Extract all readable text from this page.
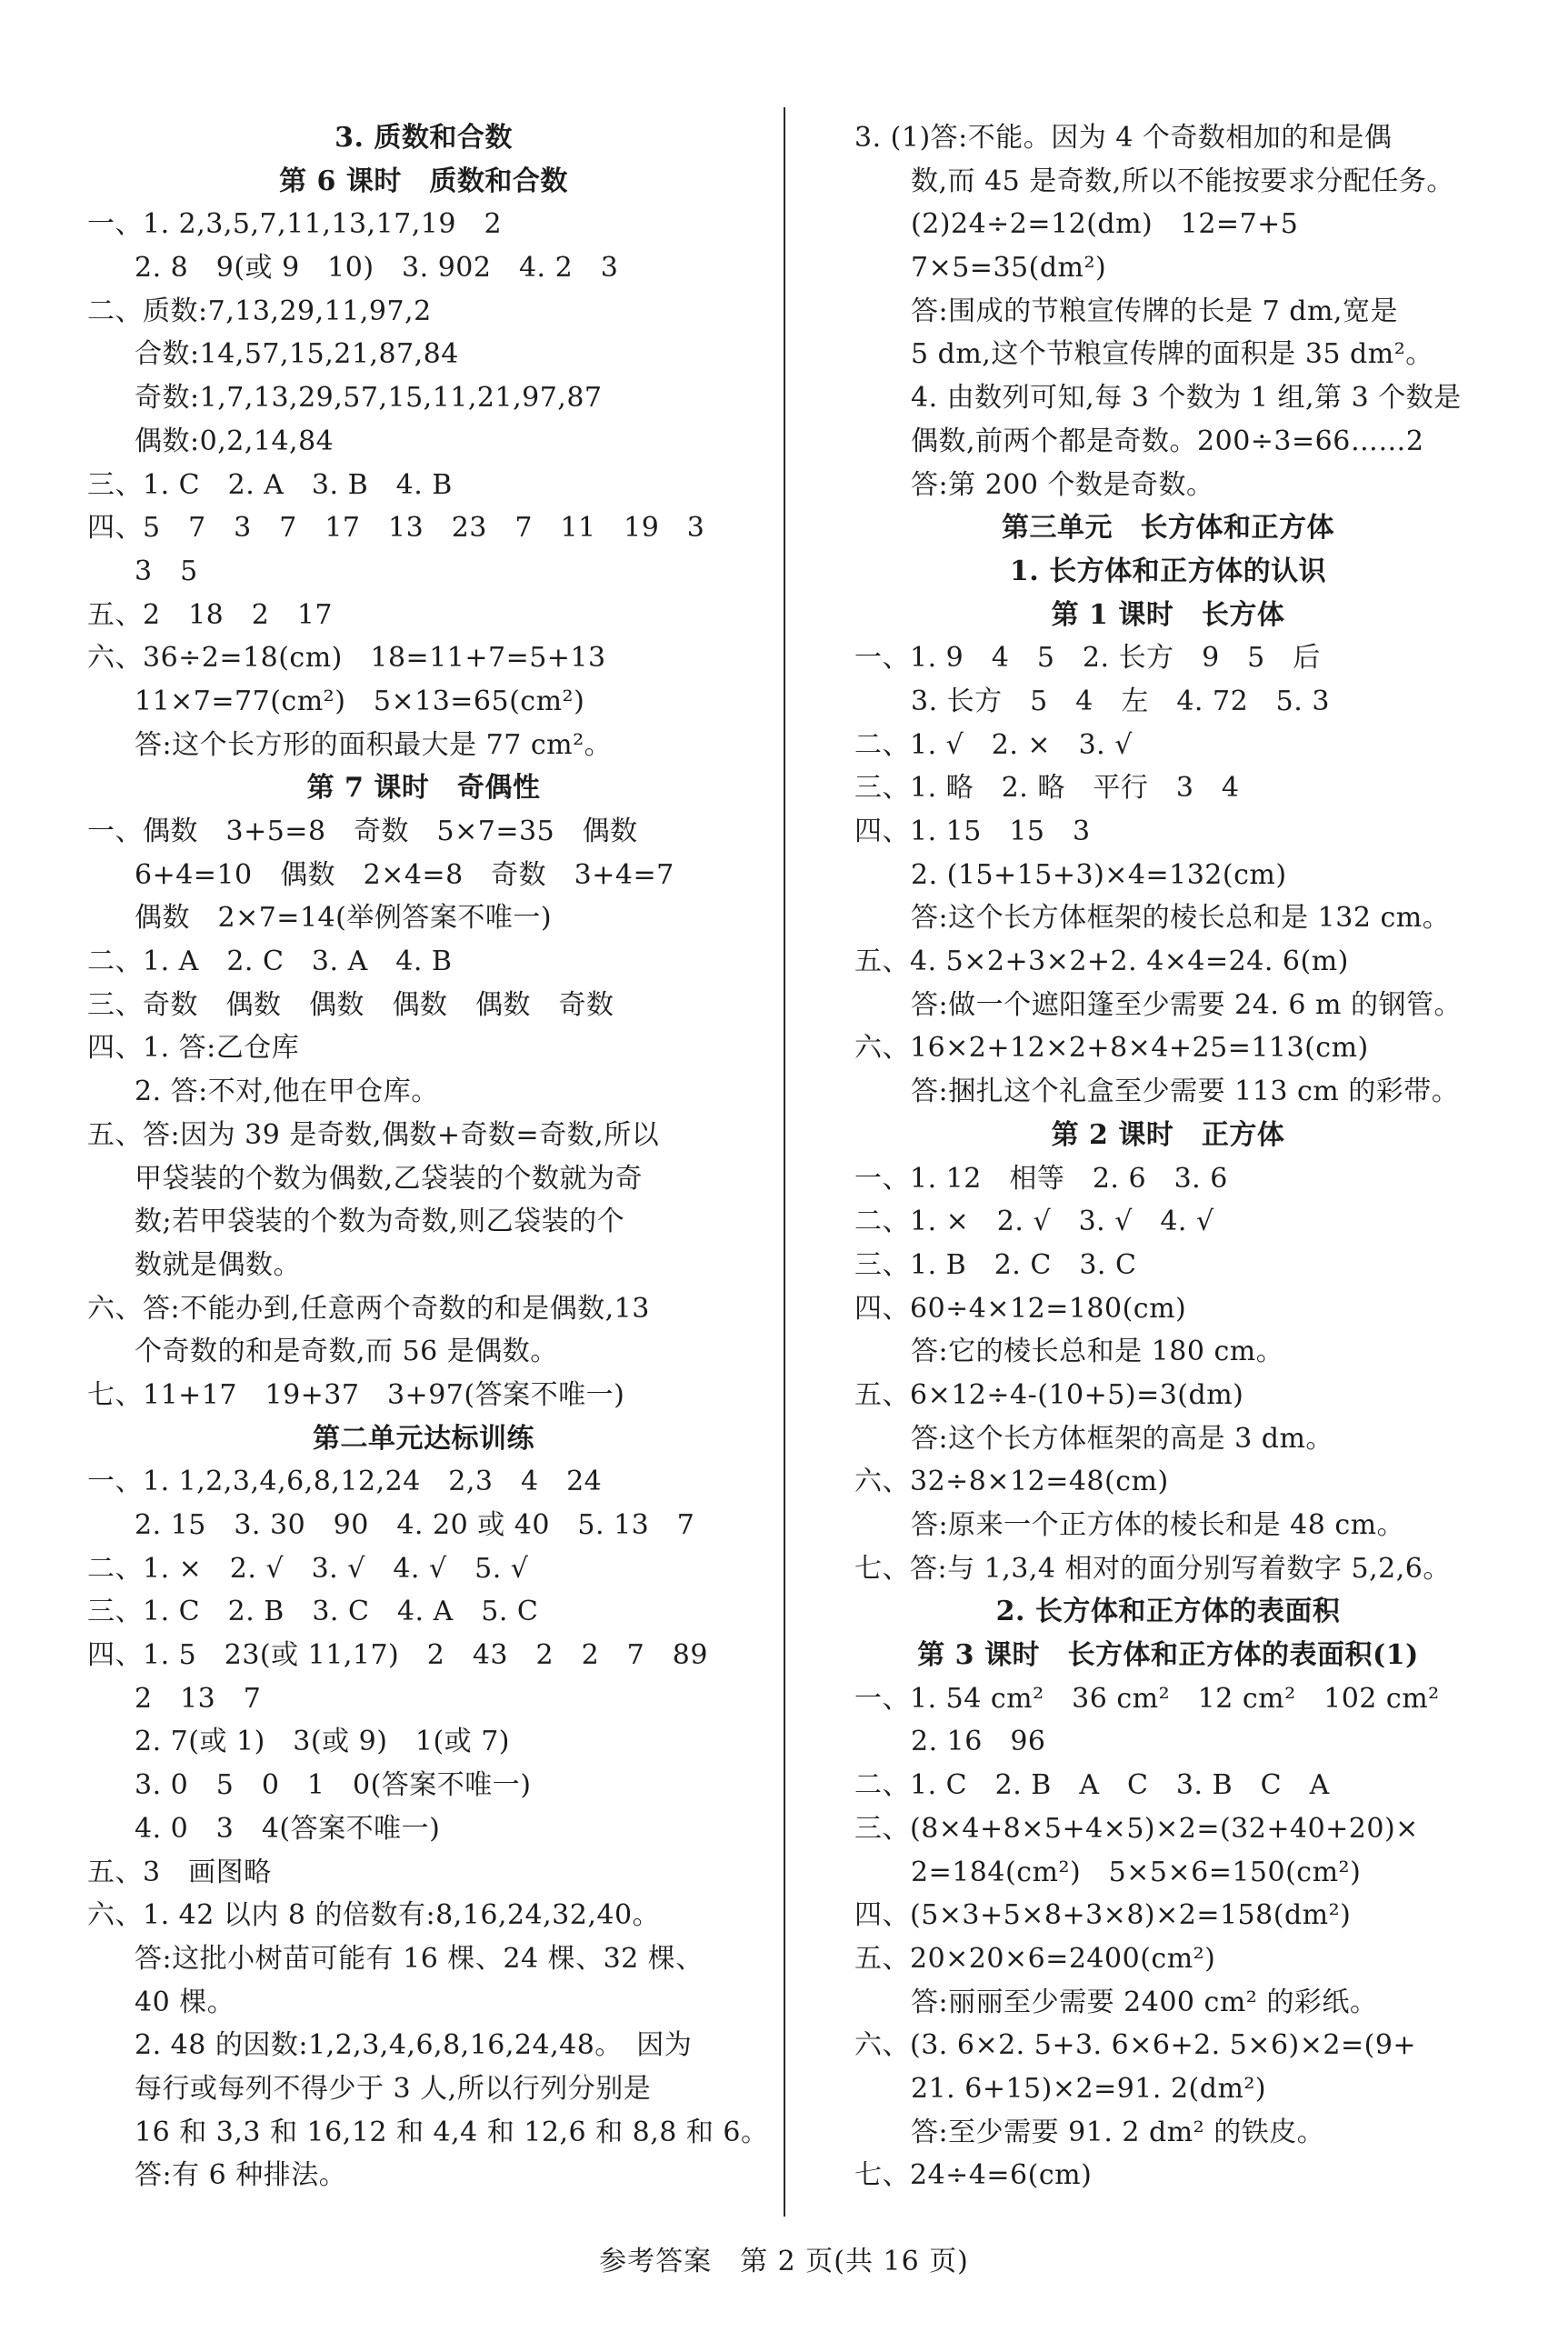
3. 质数和合数
第 6 课时　质数和合数
一、1. 2,3,5,7,11,13,17,19　2
2. 8　9(或 9　10)　3. 902　4. 2　3
二、质数:7,13,29,11,97,2
合数:14,57,15,21,87,84
奇数:1,7,13,29,57,15,11,21,97,87
偶数:0,2,14,84
三、1. C　2. A　3. B　4. B
四、5　7　3　7　17　13　23　7　11　19　3
3　5
五、2　18　2　17
六、36÷2=18(cm)　18=11+7=5+13
11×7=77(cm²)　5×13=65(cm²)
答:这个长方形的面积最大是 77 cm²。
第 7 课时　奇偶性
一、偶数　3+5=8　奇数　5×7=35　偶数
6+4=10　偶数　2×4=8　奇数　3+4=7
偶数　2×7=14(举例答案不唯一)
二、1. A　2. C　3. A　4. B
三、奇数　偶数　偶数　偶数　偶数　奇数
四、1. 答:乙仓库
2. 答:不对,他在甲仓库。
五、答:因为 39 是奇数,偶数+奇数=奇数,所以
甲袋装的个数为偶数,乙袋装的个数就为奇
数;若甲袋装的个数为奇数,则乙袋装的个
数就是偶数。
六、答:不能办到,任意两个奇数的和是偶数,13
个奇数的和是奇数,而 56 是偶数。
七、11+17　19+37　3+97(答案不唯一)
第二单元达标训练
一、1. 1,2,3,4,6,8,12,24　2,3　4　24
2. 15　3. 30　90　4. 20 或 40　5. 13　7
二、1. ×　2. √　3. √　4. √　5. √
三、1. C　2. B　3. C　4. A　5. C
四、1. 5　23(或 11,17)　2　43　2　2　7　89
2　13　7
2. 7(或 1)　3(或 9)　1(或 7)
3. 0　5　0　1　0(答案不唯一)
4. 0　3　4(答案不唯一)
五、3　画图略
六、1. 42 以内 8 的倍数有:8,16,24,32,40。
答:这批小树苗可能有 16 棵、24 棵、32 棵、
40 棵。
2. 48 的因数:1,2,3,4,6,8,16,24,48。　因为
每行或每列不得少于 3 人,所以行列分别是
16 和 3,3 和 16,12 和 4,4 和 12,6 和 8,8 和 6。
答:有 6 种排法。
3. (1)答:不能。因为 4 个奇数相加的和是偶
数,而 45 是奇数,所以不能按要求分配任务。
(2)24÷2=12(dm)　12=7+5
7×5=35(dm²)
答:围成的节粮宣传牌的长是 7 dm,宽是
5 dm,这个节粮宣传牌的面积是 35 dm²。
4. 由数列可知,每 3 个数为 1 组,第 3 个数是
偶数,前两个都是奇数。200÷3=66……2
答:第 200 个数是奇数。
第三单元　长方体和正方体
1. 长方体和正方体的认识
第 1 课时　长方体
一、1. 9　4　5　2. 长方　9　5　后
3. 长方　5　4　左　4. 72　5. 3
二、1. √　2. ×　3. √
三、1. 略　2. 略　平行　3　4
四、1. 15　15　3
2. (15+15+3)×4=132(cm)
答:这个长方体框架的棱长总和是 132 cm。
五、4. 5×2+3×2+2. 4×4=24. 6(m)
答:做一个遮阳篷至少需要 24. 6 m 的钢管。
六、16×2+12×2+8×4+25=113(cm)
答:捆扎这个礼盒至少需要 113 cm 的彩带。
第 2 课时　正方体
一、1. 12　相等　2. 6　3. 6
二、1. ×　2. √　3. √　4. √
三、1. B　2. C　3. C
四、60÷4×12=180(cm)
答:它的棱长总和是 180 cm。
五、6×12÷4-(10+5)=3(dm)
答:这个长方体框架的高是 3 dm。
六、32÷8×12=48(cm)
答:原来一个正方体的棱长和是 48 cm。
七、答:与 1,3,4 相对的面分别写着数字 5,2,6。
2. 长方体和正方体的表面积
第 3 课时　长方体和正方体的表面积(1)
一、1. 54 cm²　36 cm²　12 cm²　102 cm²
2. 16　96
二、1. C　2. B　A　C　3. B　C　A
三、(8×4+8×5+4×5)×2=(32+40+20)×
2=184(cm²)　5×5×6=150(cm²)
四、(5×3+5×8+3×8)×2=158(dm²)
五、20×20×6=2400(cm²)
答:丽丽至少需要 2400 cm² 的彩纸。
六、(3. 6×2. 5+3. 6×6+2. 5×6)×2=(9+
21. 6+15)×2=91. 2(dm²)
答:至少需要 91. 2 dm² 的铁皮。
七、24÷4=6(cm)
参考答案　第 2 页(共 16 页)
